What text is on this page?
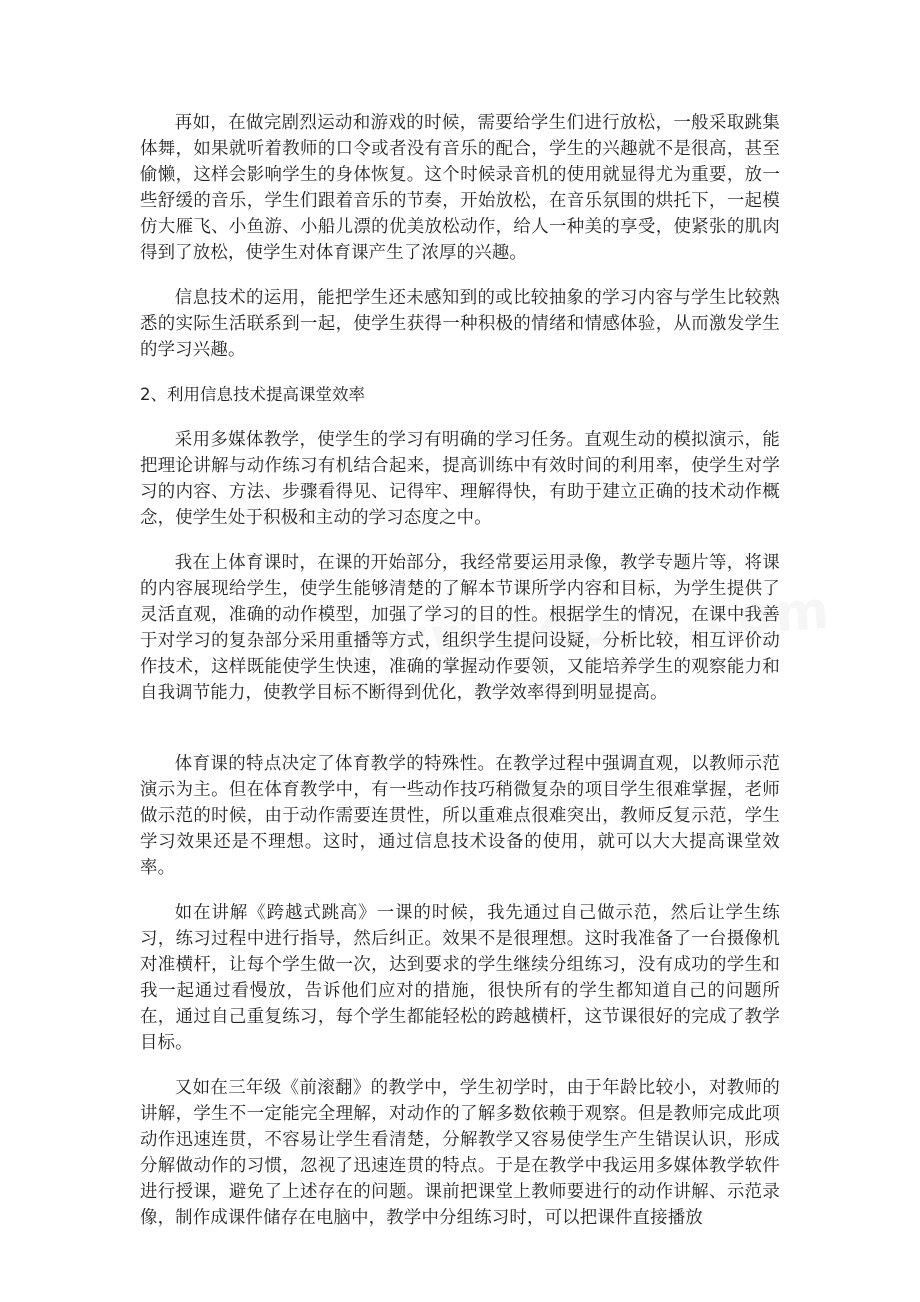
再如，在做完剧烈运动和游戏的时候，需要给学生们进行放松，一般采取跳集体舞，如果就听着教师的口令或者没有音乐的配合，学生的兴趣就不是很高，甚至偷懒，这样会影响学生的身体恢复。这个时候录音机的使用就显得尤为重要，放一些舒缓的音乐，学生们跟着音乐的节奏，开始放松，在音乐氛围的烘托下，一起模仿大雁飞、小鱼游、小船儿漂的优美放松动作，给人一种美的享受，使紧张的肌肉得到了放松，使学生对体育课产生了浓厚的兴趣。

信息技术的运用，能把学生还未感知到的或比较抽象的学习内容与学生比较熟悉的实际生活联系到一起，使学生获得一种积极的情绪和情感体验，从而激发学生的学习兴趣。

2、利用信息技术提高课堂效率

采用多媒体教学，使学生的学习有明确的学习任务。直观生动的模拟演示，能把理论讲解与动作练习有机结合起来，提高训练中有效时间的利用率，使学生对学习的内容、方法、步骤看得见、记得牢、理解得快，有助于建立正确的技术动作概念，使学生处于积极和主动的学习态度之中。

我在上体育课时，在课的开始部分，我经常要运用录像，教学专题片等，将课的内容展现给学生，使学生能够清楚的了解本节课所学内容和目标，为学生提供了灵活直观，准确的动作模型，加强了学习的目的性。根据学生的情况，在课中我善于对学习的复杂部分采用重播等方式，组织学生提问设疑，分析比较，相互评价动作技术，这样既能使学生快速，准确的掌握动作要领，又能培养学生的观察能力和自我调节能力，使教学目标不断得到优化，教学效率得到明显提高。

体育课的特点决定了体育教学的特殊性。在教学过程中强调直观，以教师示范演示为主。但在体育教学中，有一些动作技巧稍微复杂的项目学生很难掌握，老师做示范的时候，由于动作需要连贯性，所以重难点很难突出，教师反复示范，学生学习效果还是不理想。这时，通过信息技术设备的使用，就可以大大提高课堂效率。

如在讲解《跨越式跳高》一课的时候，我先通过自己做示范，然后让学生练习，练习过程中进行指导，然后纠正。效果不是很理想。这时我准备了一台摄像机对准横杆，让每个学生做一次，达到要求的学生继续分组练习，没有成功的学生和我一起通过看慢放，告诉他们应对的措施，很快所有的学生都知道自己的问题所在，通过自己重复练习，每个学生都能轻松的跨越横杆，这节课很好的完成了教学目标。

又如在三年级《前滚翻》的教学中，学生初学时，由于年龄比较小，对教师的讲解，学生不一定能完全理解，对动作的了解多数依赖于观察。但是教师完成此项动作迅速连贯，不容易让学生看清楚，分解教学又容易使学生产生错误认识，形成分解做动作的习惯，忽视了迅速连贯的特点。于是在教学中我运用多媒体教学软件进行授课，避免了上述存在的问题。课前把课堂上教师要进行的动作讲解、示范录像，制作成课件储存在电脑中，教学中分组练习时，可以把课件直接播放
